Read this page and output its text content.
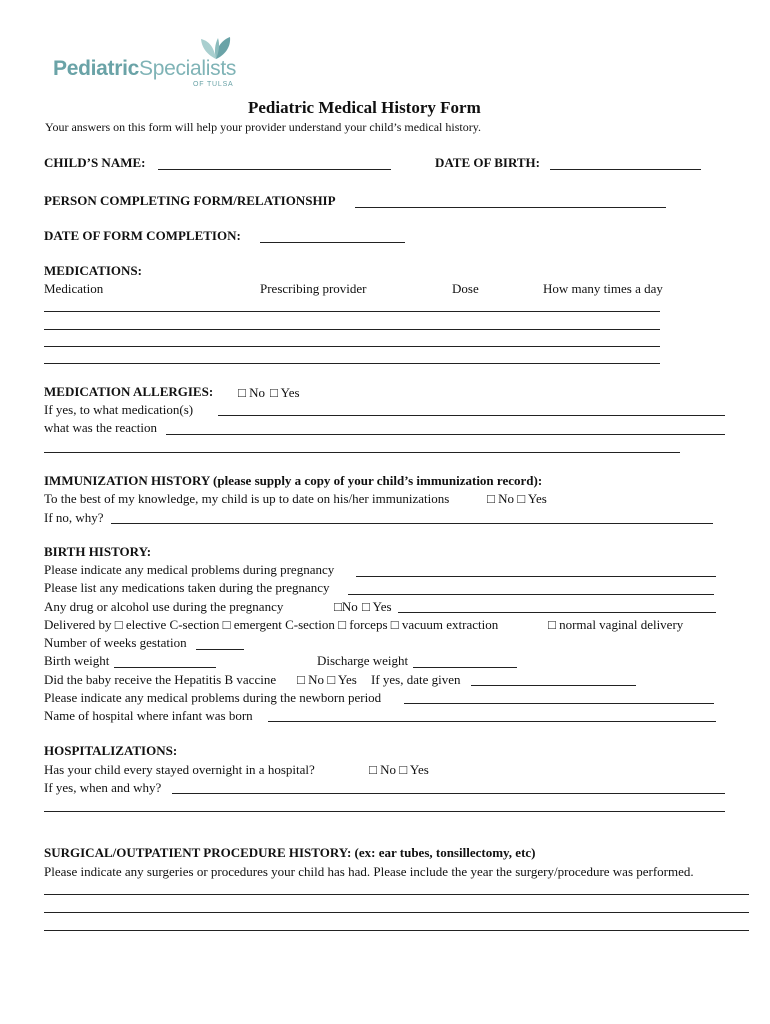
PediatricSpecialists
OF TULSA
Pediatric Medical History Form
Your answers on this form will help your provider understand your child’s medical history.
CHILD’S NAME:	DATE OF BIRTH:
PERSON COMPLETING FORM/RELATIONSHIP
DATE OF FORM COMPLETION:
MEDICATIONS:
Medication	Prescribing provider	Dose	How many times a day
MEDICATION ALLERGIES: □ No □ Yes
If yes, to what medication(s)
what was the reaction
IMMUNIZATION HISTORY (please supply a copy of your child’s immunization record):
To the best of my knowledge, my child is up to date on his/her immunizations	□ No □ Yes
If no, why?
BIRTH HISTORY:
Please indicate any medical problems during pregnancy
Please list any medications taken during the pregnancy
Any drug or alcohol use during the pregnancy	□No □ Yes
Delivered by □ elective C-section □ emergent C-section □ forceps □ vacuum extraction	□ normal vaginal delivery
Number of weeks gestation
Birth weight	Discharge weight
Did the baby receive the Hepatitis B vaccine □ No □ Yes If yes, date given
Please indicate any medical problems during the newborn period
Name of hospital where infant was born
HOSPITALIZATIONS:
Has your child every stayed overnight in a hospital?	□ No □ Yes
If yes, when and why?
SURGICAL/OUTPATIENT PROCEDURE HISTORY: (ex: ear tubes, tonsillectomy, etc)
Please indicate any surgeries or procedures your child has had. Please include the year the surgery/procedure was performed.
